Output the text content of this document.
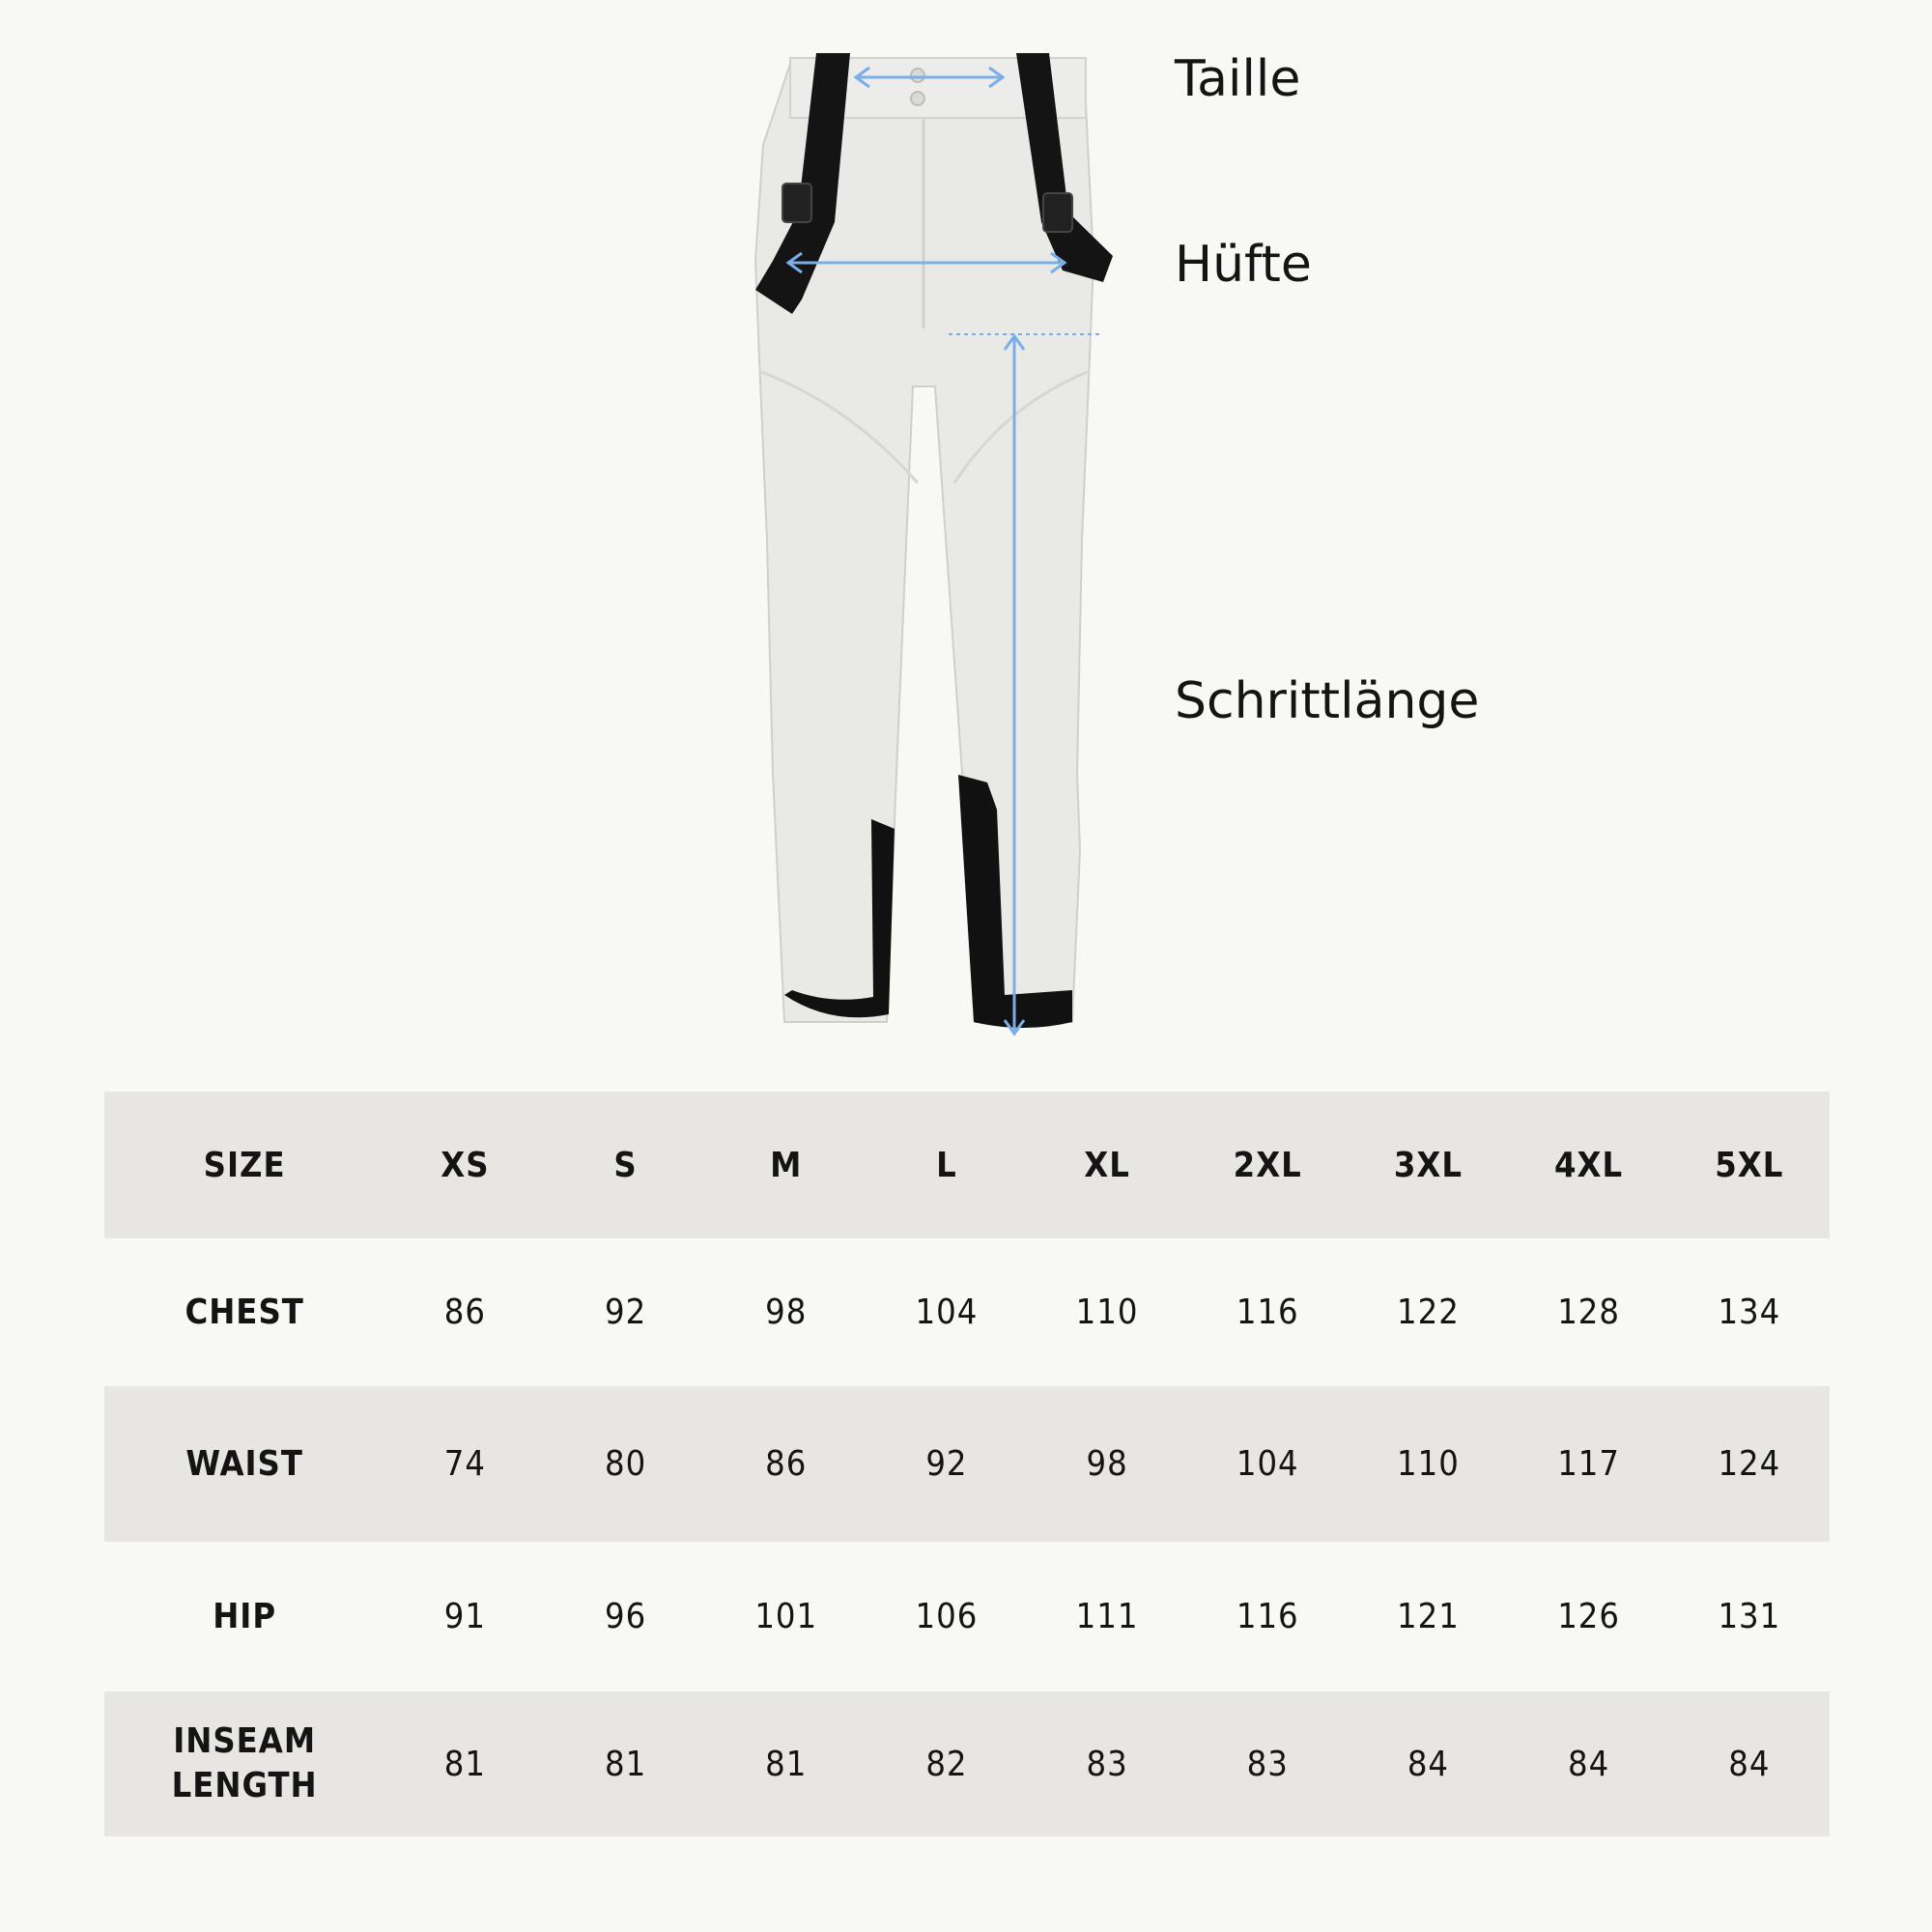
Taille
Hüfte
Schrittlänge
SIZE	XS	S	M	L	XL	2XL	3XL	4XL	5XL
CHEST	86	92	98	104	110	116	122	128	134
WAIST	74	80	86	92	98	104	110	117	124
HIP	91	96	101	106	111	116	121	126	131
INSEAM
LENGTH	81	81	81	82	83	83	84	84	84
